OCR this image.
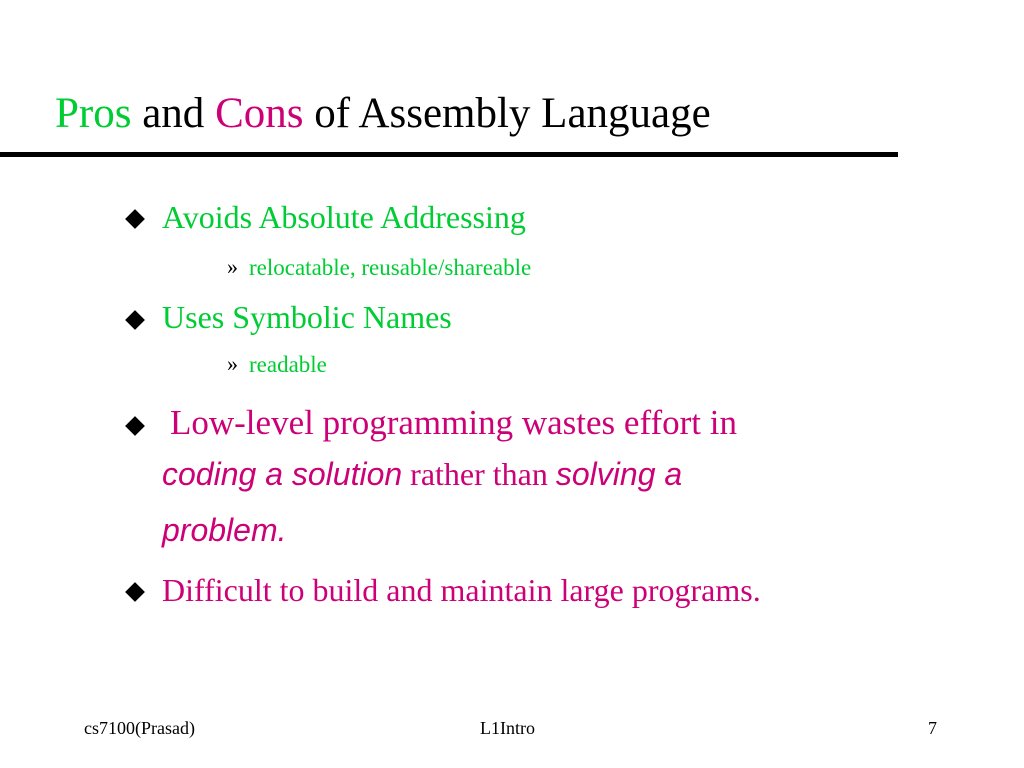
Pros and Cons of Assembly Language
Avoids Absolute Addressing
» relocatable, reusable/shareable
Uses Symbolic Names
» readable
Low-level programming wastes effort in
coding a solution rather than solving a
problem.
Difficult to build and maintain large programs.
cs7100(Prasad)	L1Intro	7
